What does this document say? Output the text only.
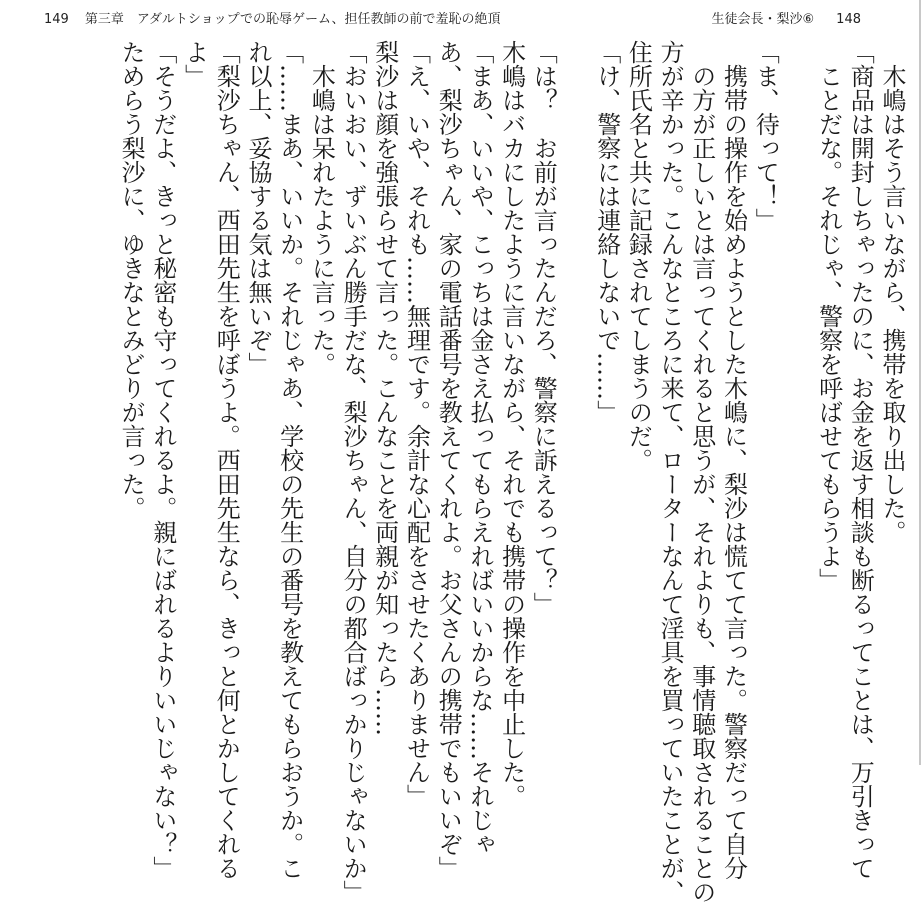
149 第三章　アダルトショップでの恥辱ゲーム、担任教師の前で羞恥の絶頂	生徒会長・梨沙⑥ 148
木嶋はそう言いながら、携帯を取り出した。
「商品は開封しちゃったのに、お金を返す相談も断るってことは、万引きって
ことだな。それじゃ、警察を呼ばせてもらうよ」
「ま、待って！」
携帯の操作を始めようとした木嶋に、梨沙は慌てて言った。警察だって自分
の方が正しいとは言ってくれると思うが、それよりも、事情聴取されることの
方が辛かった。こんなところに来て、ローターなんて淫具を買っていたことが、
住所氏名と共に記録されてしまうのだ。
「け、警察には連絡しないで……」
「は？　お前が言ったんだろ、警察に訴えるって？」
木嶋はバカにしたように言いながら、それでも携帯の操作を中止した。
「まあ、いいや、こっちは金さえ払ってもらえればいいからな……それじゃ
あ、梨沙ちゃん、家の電話番号を教えてくれよ。お父さんの携帯でもいいぞ」
「え、いや、それも……無理です。余計な心配をさせたくありません」
梨沙は顔を強張らせて言った。こんなことを両親が知ったら……
「おいおい、ずいぶん勝手だな、梨沙ちゃん、自分の都合ばっかりじゃないか」
木嶋は呆れたように言った。
「……まあ、いいか。それじゃあ、学校の先生の番号を教えてもらおうか。こ
れ以上、妥協する気は無いぞ」
「梨沙ちゃん、西田先生を呼ぼうよ。西田先生なら、きっと何とかしてくれる
よ」
「そうだよ、きっと秘密も守ってくれるよ。親にばれるよりいいじゃない？」
ためらう梨沙に、ゆきなとみどりが言った。
